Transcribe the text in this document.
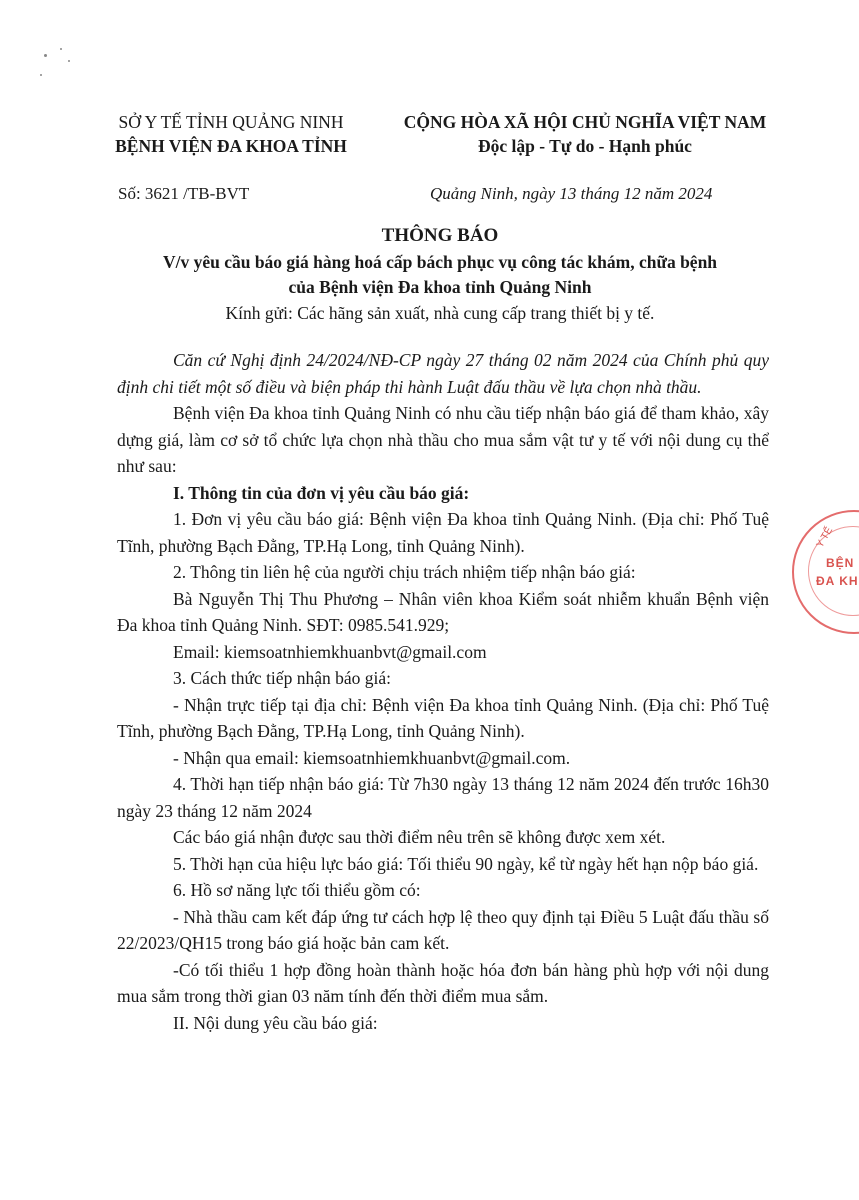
SỞ Y TẾ TỈNH QUẢNG NINH
BỆNH VIỆN ĐA KHOA TỈNH
CỘNG HÒA XÃ HỘI CHỦ NGHĨA VIỆT NAM
Độc lập - Tự do - Hạnh phúc
Số: 3621 /TB-BVT	Quảng Ninh, ngày 13 tháng 12 năm 2024
THÔNG BÁO
V/v yêu cầu báo giá hàng hoá cấp bách phục vụ công tác khám, chữa bệnh
của Bệnh viện Đa khoa tỉnh Quảng Ninh
Kính gửi: Các hãng sản xuất, nhà cung cấp trang thiết bị y tế.

Căn cứ Nghị định 24/2024/NĐ-CP ngày 27 tháng 02 năm 2024 của Chính phủ quy định chi tiết một số điều và biện pháp thi hành Luật đấu thầu về lựa chọn nhà thầu.

Bệnh viện Đa khoa tỉnh Quảng Ninh có nhu cầu tiếp nhận báo giá để tham khảo, xây dựng giá, làm cơ sở tổ chức lựa chọn nhà thầu cho mua sắm vật tư y tế với nội dung cụ thể như sau:

I. Thông tin của đơn vị yêu cầu báo giá:

1. Đơn vị yêu cầu báo giá: Bệnh viện Đa khoa tỉnh Quảng Ninh. (Địa chỉ: Phố Tuệ Tĩnh, phường Bạch Đằng, TP.Hạ Long, tỉnh Quảng Ninh).

2. Thông tin liên hệ của người chịu trách nhiệm tiếp nhận báo giá:

Bà Nguyễn Thị Thu Phương – Nhân viên khoa Kiểm soát nhiễm khuẩn Bệnh viện Đa khoa tỉnh Quảng Ninh. SĐT: 0985.541.929;

Email: kiemsoatnhiemkhuanbvt@gmail.com

3. Cách thức tiếp nhận báo giá:

- Nhận trực tiếp tại địa chỉ: Bệnh viện Đa khoa tỉnh Quảng Ninh. (Địa chỉ: Phố Tuệ Tĩnh, phường Bạch Đằng, TP.Hạ Long, tỉnh Quảng Ninh).

- Nhận qua email: kiemsoatnhiemkhuanbvt@gmail.com.

4. Thời hạn tiếp nhận báo giá: Từ 7h30 ngày 13 tháng 12 năm 2024 đến trước 16h30 ngày 23 tháng 12 năm 2024

Các báo giá nhận được sau thời điểm nêu trên sẽ không được xem xét.

5. Thời hạn của hiệu lực báo giá: Tối thiểu 90 ngày, kể từ ngày hết hạn nộp báo giá.

6. Hồ sơ năng lực tối thiểu gồm có:

- Nhà thầu cam kết đáp ứng tư cách hợp lệ theo quy định tại Điều 5 Luật đấu thầu số 22/2023/QH15 trong báo giá hoặc bản cam kết.

-Có tối thiểu 1 hợp đồng hoàn thành hoặc hóa đơn bán hàng phù hợp với nội dung mua sắm trong thời gian 03 năm tính đến thời điểm mua sắm.

II. Nội dung yêu cầu báo giá:

Y TẾ
BỆN
ĐA KH
